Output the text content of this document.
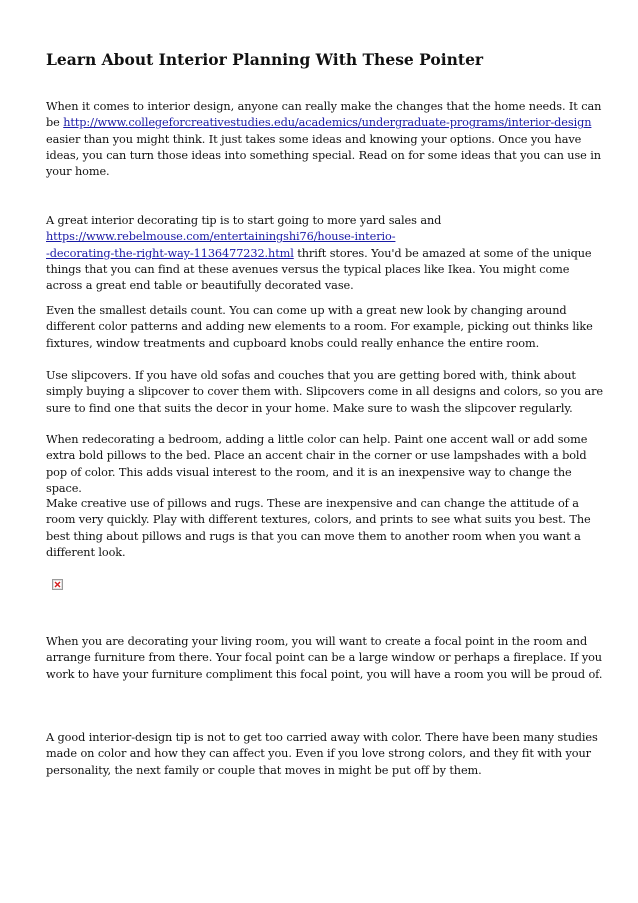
Learn About Interior Planning With These Pointer

When it comes to interior design, anyone can really make the changes that the home needs. It can be http://www.collegeforcreativestudies.edu/academics/undergraduate-programs/interior-design easier than you might think. It just takes some ideas and knowing your options. Once you have ideas, you can turn those ideas into something special. Read on for some ideas that you can use in your home.

A great interior decorating tip is to start going to more yard sales and
https://www.rebelmouse.com/entertainingshi76/house-interio-
-decorating-the-right-way-1136477232.html thrift stores. You'd be amazed at some of the unique things that you can find at these avenues versus the typical places like Ikea. You might come across a great end table or beautifully decorated vase.

Even the smallest details count. You can come up with a great new look by changing around different color patterns and adding new elements to a room. For example, picking out thinks like fixtures, window treatments and cupboard knobs could really enhance the entire room.

Use slipcovers. If you have old sofas and couches that you are getting bored with, think about simply buying a slipcover to cover them with. Slipcovers come in all designs and colors, so you are sure to find one that suits the decor in your home. Make sure to wash the slipcover regularly.

When redecorating a bedroom, adding a little color can help. Paint one accent wall or add some extra bold pillows to the bed. Place an accent chair in the corner or use lampshades with a bold pop of color. This adds visual interest to the room, and it is an inexpensive way to change the space.

Make creative use of pillows and rugs. These are inexpensive and can change the attitude of a room very quickly. Play with different textures, colors, and prints to see what suits you best. The best thing about pillows and rugs is that you can move them to another room when you want a different look.

When you are decorating your living room, you will want to create a focal point in the room and arrange furniture from there. Your focal point can be a large window or perhaps a fireplace. If you work to have your furniture compliment this focal point, you will have a room you will be proud of.

A good interior-design tip is not to get too carried away with color. There have been many studies made on color and how they can affect you. Even if you love strong colors, and they fit with your personality, the next family or couple that moves in might be put off by them.
